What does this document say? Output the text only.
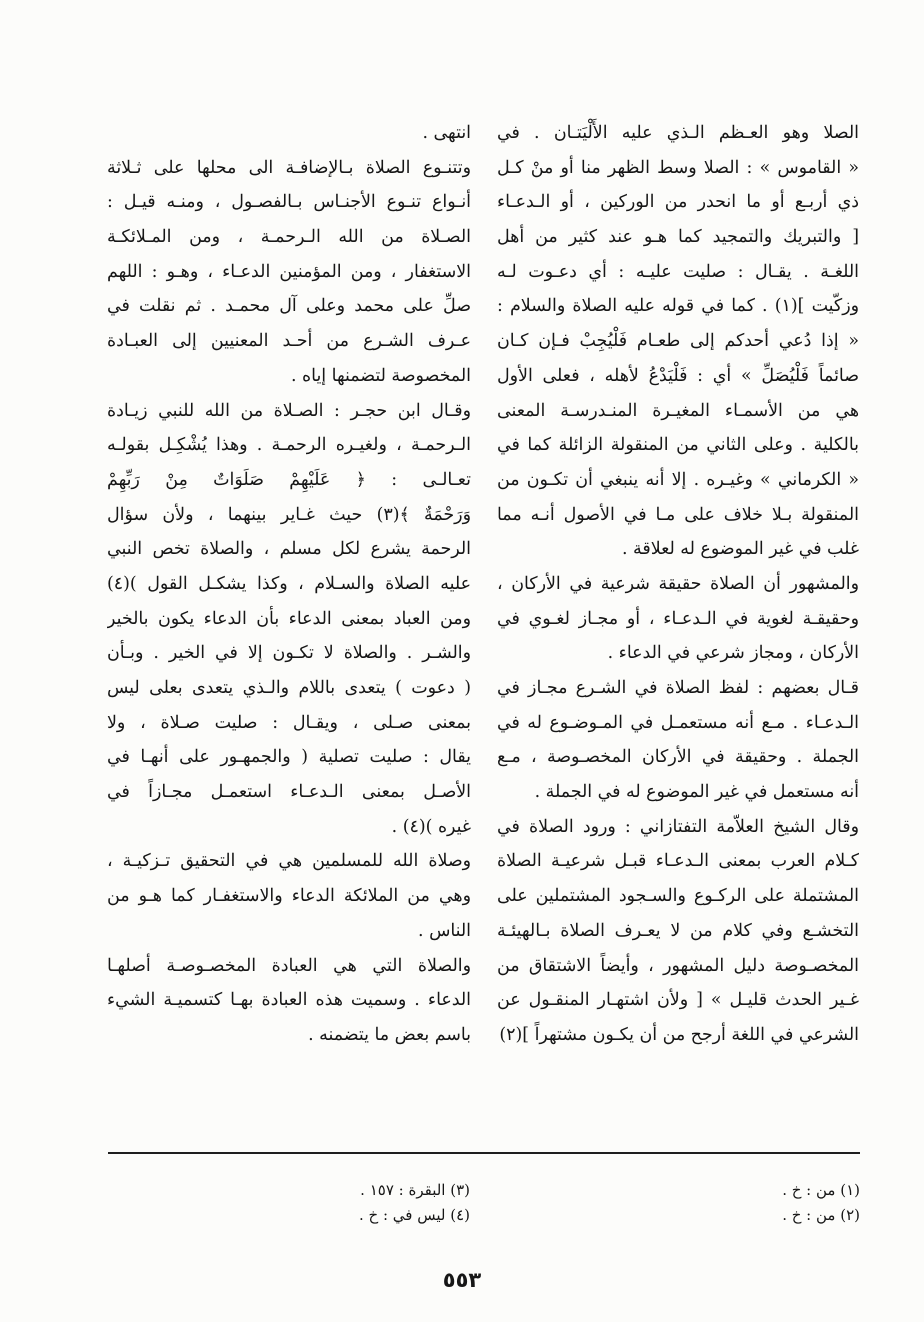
الصلا وهو العـظم الـذي عليه الأَلْيَتـان . في
« القاموس » : الصلا وسط الظهر منا أو منْ كـل
ذي أربـع أو ما انحدر من الوركين ، أو الـدعـاء
[ والتبريك والتمجيد كما هـو عند كثير من أهل
اللغـة . يقـال : صليت عليـه : أي دعـوت لـه
وزكّيت ](١) . كما في قوله عليه الصلاة والسلام :
« إذا دُعي أحدكم إلى طعـام فَلْيُجِبْ فـإن كـان
صائماً فَلْيُصَلِّ » أي : فَلْيَدْعُ لأهله ، فعلى الأول
هي من الأسمـاء المغيـرة المنـدرسـة المعنى
بالكلية . وعلى الثاني من المنقولة الزائلة كما في
« الكرماني » وغيـره . إلا أنه ينبغي أن تكـون من
المنقولة بـلا خلاف على مـا في الأصول أنـه مما
غلب في غير الموضوع له لعلاقة .
والمشهور أن الصلاة حقيقة شرعية في الأركان ،
وحقيقـة لغوية في الـدعـاء ، أو مجـاز لغـوي في
الأركان ، ومجاز شرعي في الدعاء .
قـال بعضهم : لفظ الصلاة في الشـرع مجـاز في
الـدعـاء . مـع أنه مستعمـل في المـوضـوع له في
الجملة . وحقيقة في الأركان المخصـوصة ، مـع
أنه مستعمل في غير الموضوع له في الجملة .
وقال الشيخ العلاّمة التفتازاني : ورود الصلاة في
كـلام العرب بمعنى الـدعـاء قبـل شرعيـة الصلاة
المشتملة على الركـوع والسـجود المشتملين على
التخشـع وفي كلام من لا يعـرف الصلاة بـالهيئـة
المخصـوصة دليل المشهور ، وأيضاً الاشتقاق من
غـير الحدث قليـل » [ ولأن اشتهـار المنقـول عن
الشرعي في اللغة أرجح من أن يكـون مشتهراً ](٢)
انتهى .
وتتنـوع الصلاة بـالإضافـة الى محلها على ثـلاثة
أنـواع تنـوع الأجنـاس بـالفصـول ، ومنـه قيـل :
الصـلاة من الله الـرحمـة ، ومن المـلائكـة
الاستغفار ، ومن المؤمنين الدعـاء ، وهـو : اللهم
صلِّ على محمد وعلى آل محمـد . ثم نقلت في
عـرف الشـرع من أحـد المعنيين إلى العبـادة
المخصوصة لتضمنها إياه .
وقـال ابن حجـر : الصـلاة من الله للنبي زيـادة
الـرحمـة ، ولغيـره الرحمـة . وهذا يُشْكِـل بقولـه
تعـالـى : ﴿ عَلَيْهِمْ صَلَوَاتٌ مِنْ رَبِّهِمْ
وَرَحْمَةٌ ﴾(٣) حيث غـاير بينهما ، ولأن سؤال
الرحمة يشرع لكل مسلم ، والصلاة تخص النبي
عليه الصلاة والسـلام ، وكذا يشكـل القول )(٤)
ومن العباد بمعنى الدعاء بأن الدعاء يكون بالخير
والشـر . والصلاة لا تكـون إلا في الخير . وبـأن
( دعوت ) يتعدى باللام والـذي يتعدى بعلى ليس
بمعنى صـلى ، ويقـال : صليت صـلاة ، ولا
يقال : صليت تصلية ( والجمهـور على أنهـا في
الأصـل بمعنى الـدعـاء استعمـل مجـازاً في
غيره )(٤) .
وصلاة الله للمسلمين هي في التحقيق تـزكيـة ،
وهي من الملائكة الدعاء والاستغفـار كما هـو من
الناس .
والصلاة التي هي العبادة المخصـوصـة أصلهـا
الدعاء . وسميت هذه العبادة بهـا كتسميـة الشيء
باسم بعض ما يتضمنه .
(١) من : خ .
(٢) من : خ .
(٣) البقرة : ١٥٧ .
(٤) ليس في : خ .
٥٥٣
